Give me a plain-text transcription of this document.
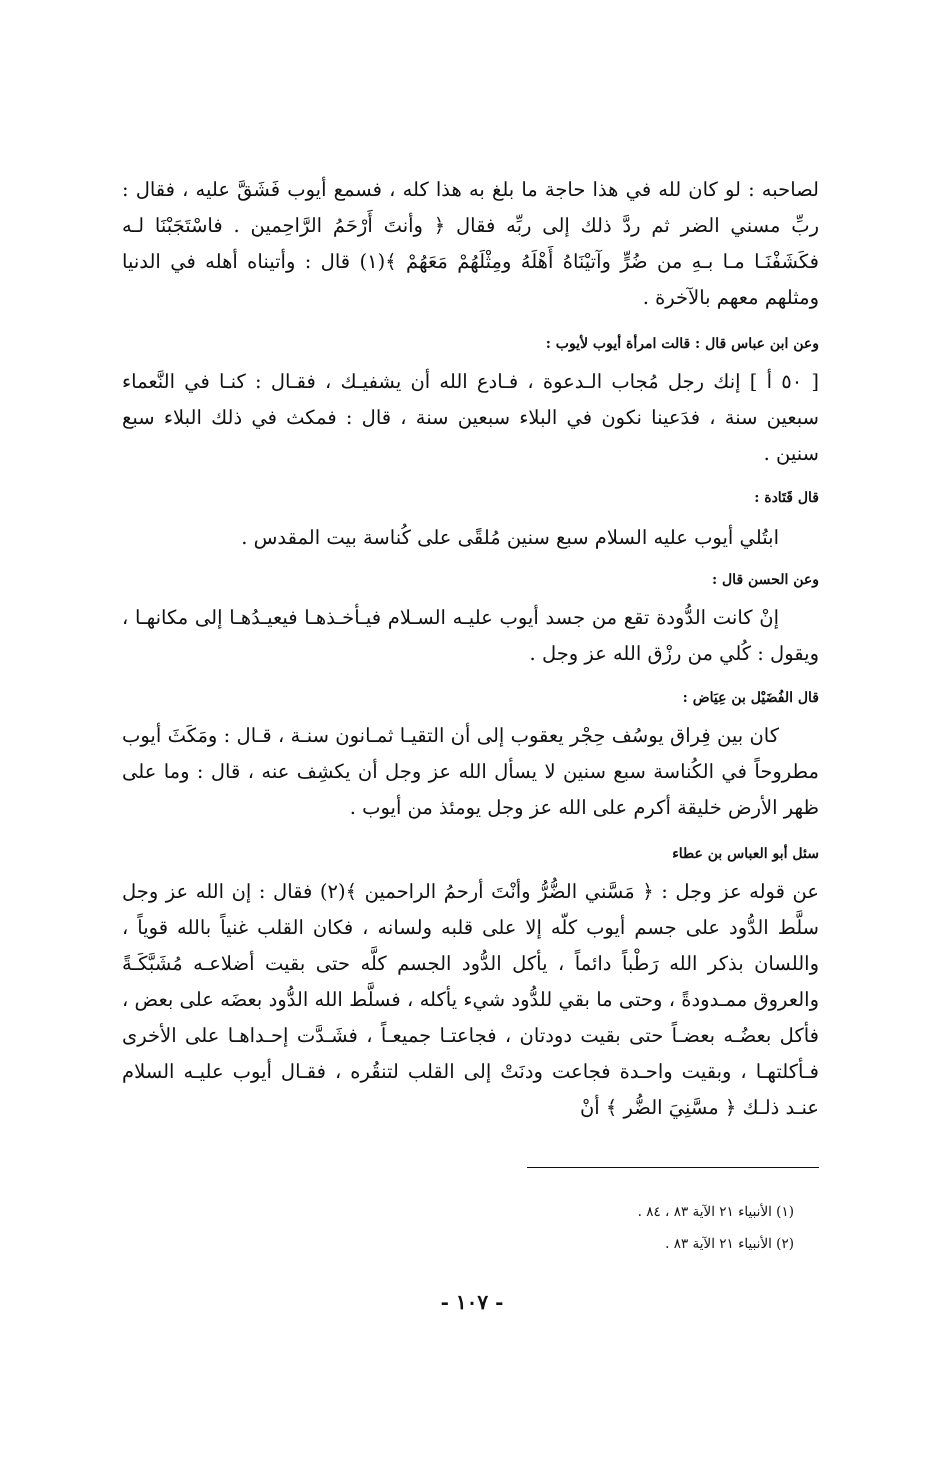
لصاحبه : لو كان لله في هذا حاجة ما بلغ به هذا كله ، فسمع أيوب فَشَقَّ عليه ، فقال : ربِّ مسني الضر ثم ردَّ ذلك إلى ربِّه فقال ﴿ وأنتَ أَرْحَمُ الرَّاحِمين . فاسْتَجَبْنَا لـه فكَشَفْنَـا مـا بـهِ من ضُرٍّ وآتيْنَاهُ أَهْلَهُ ومِثْلَهُمْ مَعَهُمْ ﴾(١) قال : وأتيناه أهله في الدنيا ومثلهم معهم بالآخرة .

وعن ابن عباس قال : قالت امرأة أيوب لأيوب :

[ ٥٠ أ ] إنك رجل مُجاب الـدعوة ، فـادع الله أن يشفيـك ، فقـال : كنـا في النَّعماء سبعين سنة ، فدَعينا نكون في البلاء سبعين سنة ، قال : فمكث في ذلك البلاء سبع سنين .

قال قَتَادة :

ابتُلي أيوب عليه السلام سبع سنين مُلقًى على كُناسة بيت المقدس .

وعن الحسن قال :

إنْ كانت الدُّودة تقع من جسد أيوب عليـه السـلام فيـأخـذهـا فيعيـدُهـا إلى مكانهـا ، ويقول : كُلي من رزْق الله عز وجل .

قال الفُضَيْل بن عِيَاض :

كان بين فِراق يوسُف حِجْر يعقوب إلى أن التقيـا ثمـانون سنـة ، قـال : ومَكَثَ أيوب مطروحاً في الكُناسة سبع سنين لا يسأل الله عز وجل أن يكشِف عنه ، قال : وما على ظهر الأرض خليقة أكرم على الله عز وجل يومئذ من أيوب .

سئل أبو العباس بن عطاء

عن قوله عز وجل : ﴿ مَسَّني الضُّرُّ وأنْتَ أرحمُ الراحمين ﴾(٢) فقال : إن الله عز وجل سلَّط الدُّود على جسم أيوب كلّه إلا على قلبه ولسانه ، فكان القلب غنياً بالله قوياً ، واللسان بذكر الله رَطْباً دائماً ، يأكل الدُّود الجسم كلَّه حتى بقيت أضلاعـه مُشَبَّكَـةً والعروق ممـدودةً ، وحتى ما بقي للدُّود شيء يأكله ، فسلَّط الله الدُّود بعضَه على بعض ، فأكل بعضُـه بعضـاً حتى بقيت دودتان ، فجاعتـا جميعـاً ، فشَـدَّت إحـداهـا على الأخرى فـأكلتهـا ، وبقيت واحـدة فجاعت ودنَتْ إلى القلب لتنقُره ، فقـال أيوب عليـه السلام عنـد ذلـك ﴿ مسَّنِيَ الضُّر ﴾ أنْ

(١) الأنبياء ٢١ الآية ٨٣ ، ٨٤ .

(٢) الأنبياء ٢١ الآية ٨٣ .

- ١٠٧ -
